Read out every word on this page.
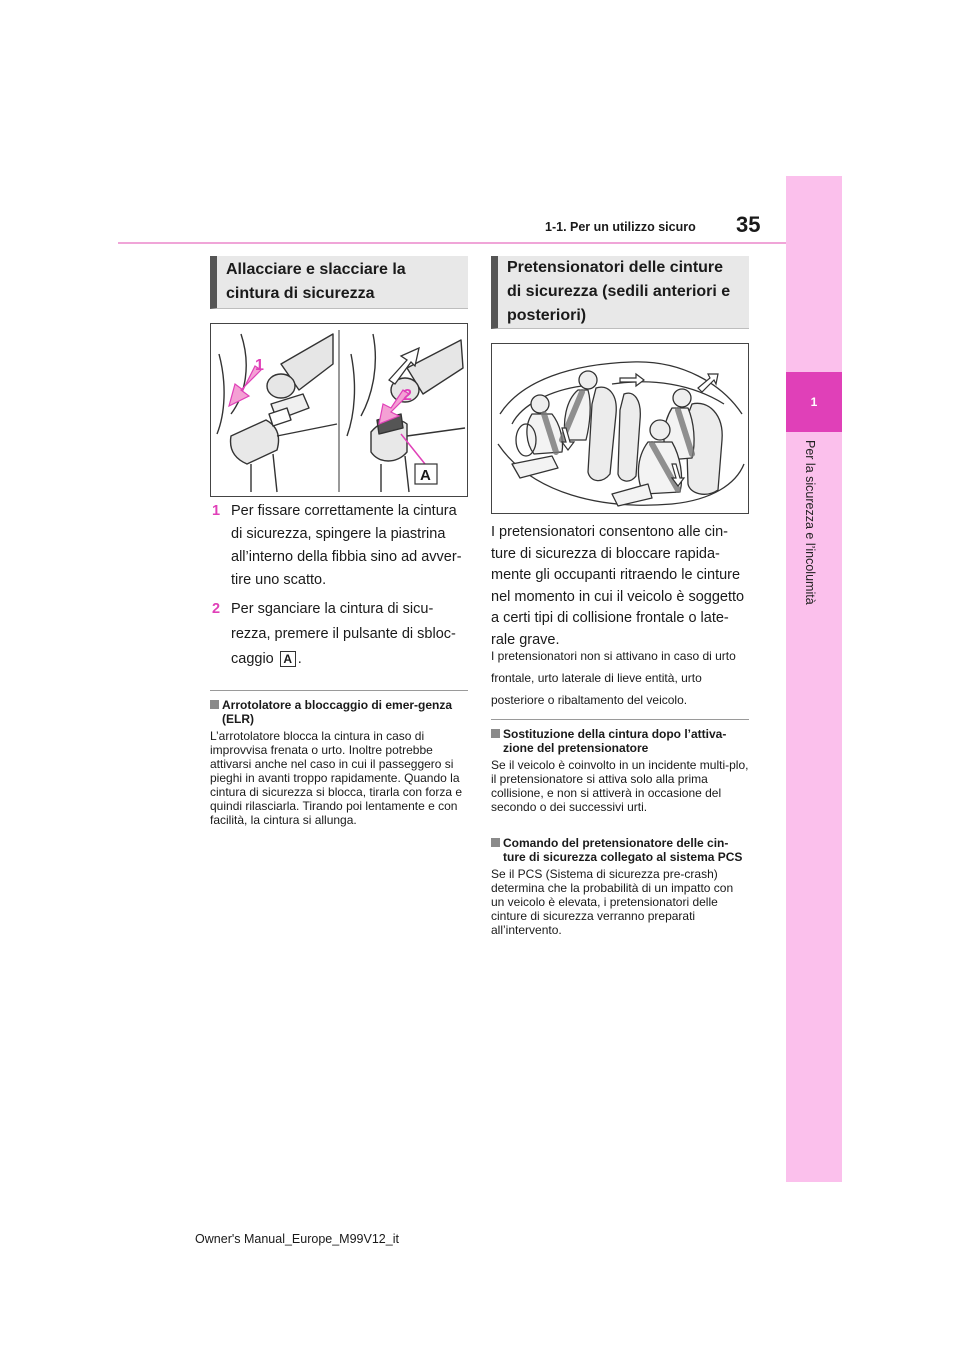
1-1. Per un utilizzo sicuro 35
1
Per la sicurezza e l’incolumità
Allacciare e slacciare la cintura di sicurezza
1
2
A
1 Per fissare correttamente la cintura di sicurezza, spingere la piastrina all’interno della fibbia sino ad avver-tire uno scatto.
2 Per sganciare la cintura di sicu-rezza, premere il pulsante di sbloc-caggio A .
Arrotolatore a bloccaggio di emer-genza (ELR)
L’arrotolatore blocca la cintura in caso di improvvisa frenata o urto. Inoltre potrebbe attivarsi anche nel caso in cui il passeggero si pieghi in avanti troppo rapidamente. Quando la cintura di sicurezza si blocca, tirarla con forza e quindi rilasciarla. Tirando poi lentamente e con facilità, la cintura si allunga.
Pretensionatori delle cinture di sicurezza (sedili anteriori e posteriori)
I pretensionatori consentono alle cin-ture di sicurezza di bloccare rapida-mente gli occupanti ritraendo le cinture nel momento in cui il veicolo è soggetto a certi tipi di collisione frontale o late-rale grave.
I pretensionatori non si attivano in caso di urto frontale, urto laterale di lieve entità, urto posteriore o ribaltamento del veicolo.
Sostituzione della cintura dopo l’attiva-zione del pretensionatore
Se il veicolo è coinvolto in un incidente multi-plo, il pretensionatore si attiva solo alla prima collisione, e non si attiverà in occasione del secondo o dei successivi urti.
Comando del pretensionatore delle cin-ture di sicurezza collegato al sistema PCS
Se il PCS (Sistema di sicurezza pre-crash) determina che la probabilità di un impatto con un veicolo è elevata, i pretensionatori delle cinture di sicurezza verranno preparati all’intervento.
Owner's Manual_Europe_M99V12_it
